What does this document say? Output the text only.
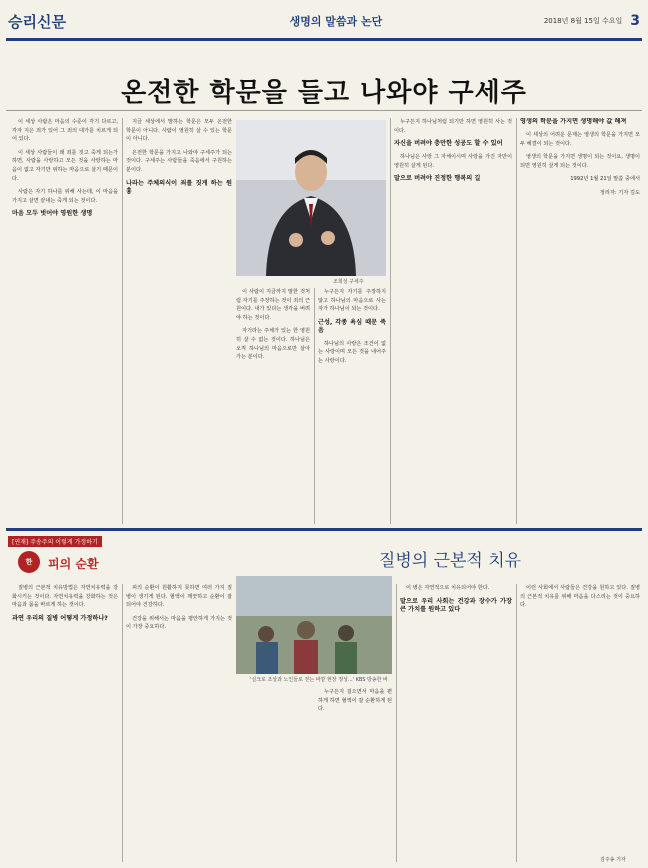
승리신문	생명의 말씀과 논단	2018년 8월 15일 수요일 3
온전한 학문을 들고 나와야 구세주

이 세상 사람은 마음의 수준이 각기 다르고, 각자 지은 죄가 있어 그 죄의 대가를 치르게 되어 있다.

이 세상 사람들이 왜 죄를 짓고 죽게 되는가 하면, 사람을 사랑하고 모든 것을 사랑하는 마음이 없고 자기만 위하는 마음으로 살기 때문이다.

사람은 자기 하나를 위해 사는데, 이 마음을 가지고 살면 끝내는 죽게 되는 것이다.

마음 모두 벗어야 영원한 생명

지금 세상에서 말하는 학문은 모두 온전한 학문이 아니다. 사람이 영원히 살 수 있는 학문이 아니다.

온전한 학문을 가지고 나와야 구세주가 되는 것이다. 구세주는 사람들을 죽음에서 구원하는 분이다.

나라는 주체의식이 죄를 짓게 하는 원흉

조희성 구세주

이 사람이 지금까지 말한 것처럼 자기를 주장하는 것이 죄의 근원이다. 내가 있다는 생각을 버려야 하는 것이다.

자기라는 주체가 있는 한 영원히 살 수 없는 것이다. 하나님은 오직 하나님의 마음으로만 살아가는 분이다.

누구든지 자기를 주장하지 않고 하나님의 마음으로 사는 자가 하나님이 되는 것이다.

근성, 각종 욕심 때문 죽음

하나님의 사랑은 조건이 없는 사랑이며 모든 것을 내어주는 사랑이다.

누구든지 하나님처럼 되기만 하면 영원히 사는 것이다.

자신을 버려야 충만한 성공도 할 수 있어

하나님은 사랑 그 자체이시며 사랑을 가진 자만이 영원히 살게 된다.

말으로 버려야 진정한 행복의 길

영생의 학문을 가지면 생명해야 값 해져

이 세상의 어려운 문제는 영생의 학문을 가지면 모두 해결이 되는 것이다.

영생의 학문을 가지면 생명이 되는 것이요, 생명이 되면 영원히 살게 되는 것이다.

1992년 1월 21일 말씀 중에서

정리자: 기자 김도

[연재] 주송주의 이렇게 가정하기
한	피의 순환	질병의 근본적 치유

질병의 근본적 치유방법은 자연치유력을 강화시키는 것이다. 자연치유력을 강화하는 것은 마음과 몸을 바르게 하는 것이다.

과연 우리의 질병 어떻게 가정하나?

피의 순환이 원활하지 못하면 여러 가지 질병이 생기게 된다. 혈액이 깨끗하고 순환이 잘 되어야 건강하다.

건강을 위해서는 마음을 평안하게 가지는 것이 가장 중요하다.

'실크로 조상과 노인들로 걷는 바깥 현장 정성...' KBS 방송한 바

누구든지 걸으면서 마음을 편하게 하면 혈액이 잘 순환하게 된다.

이 병은 자연적으로 치유되어야 한다.

말으로 우리 사회는 건강과 장수가 가장 큰 가치를 원하고 있다

이런 사회에서 사람들은 건강을 원하고 있다. 질병의 근본적 치유를 위해 마음을 다스리는 것이 중요하다.

김주송 기자
